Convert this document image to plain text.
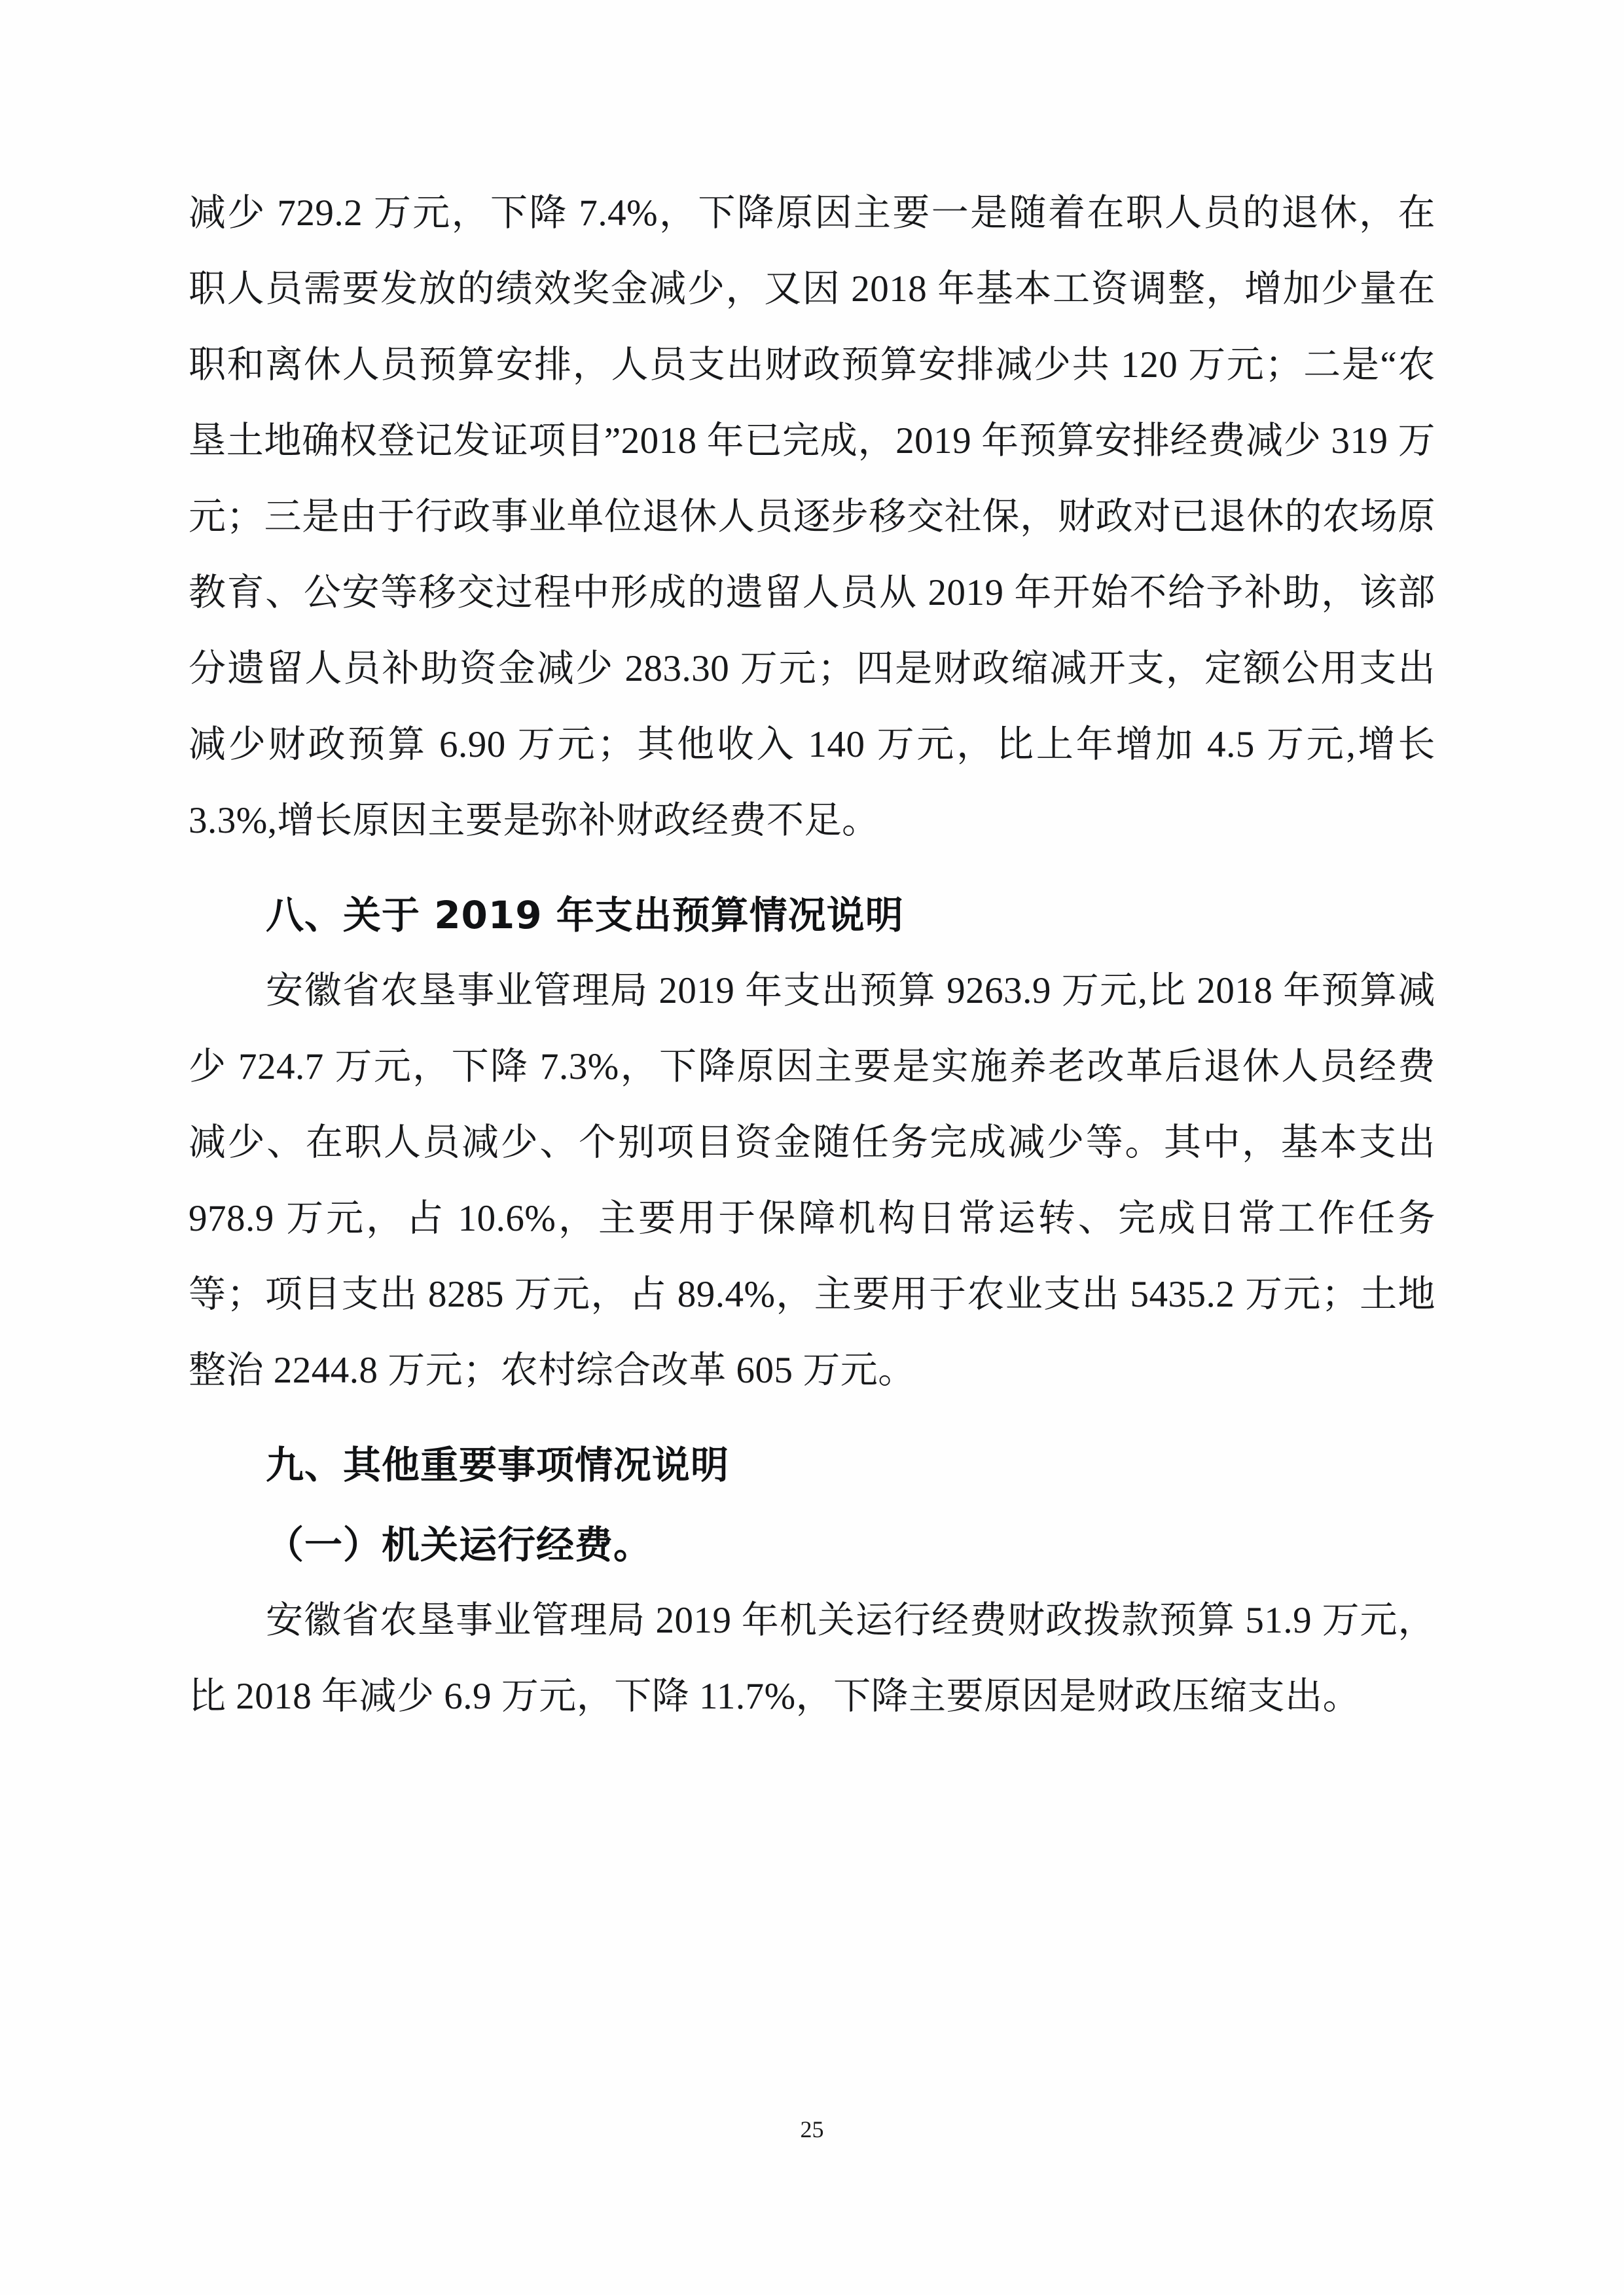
减少 729.2 万元，下降 7.4%，下降原因主要一是随着在职人员的退休，在职人员需要发放的绩效奖金减少，又因 2018 年基本工资调整，增加少量在职和离休人员预算安排，人员支出财政预算安排减少共 120 万元；二是“农垦土地确权登记发证项目”2018 年已完成，2019 年预算安排经费减少 319 万元；三是由于行政事业单位退休人员逐步移交社保，财政对已退休的农场原教育、公安等移交过程中形成的遗留人员从 2019 年开始不给予补助，该部分遗留人员补助资金减少 283.30 万元；四是财政缩减开支，定额公用支出减少财政预算 6.90 万元；其他收入 140 万元，比上年增加 4.5 万元,增长 3.3%,增长原因主要是弥补财政经费不足。

八、关于 2019 年支出预算情况说明

安徽省农垦事业管理局 2019 年支出预算 9263.9 万元,比 2018 年预算减少 724.7 万元，下降 7.3%，下降原因主要是实施养老改革后退休人员经费减少、在职人员减少、个别项目资金随任务完成减少等。其中，基本支出 978.9 万元，占 10.6%，主要用于保障机构日常运转、完成日常工作任务等；项目支出 8285 万元，占 89.4%，主要用于农业支出 5435.2 万元；土地整治 2244.8 万元；农村综合改革 605 万元。

九、其他重要事项情况说明
（一）机关运行经费。

安徽省农垦事业管理局 2019 年机关运行经费财政拨款预算 51.9 万元，比 2018 年减少 6.9 万元，下降 11.7%，下降主要原因是财政压缩支出。

25
